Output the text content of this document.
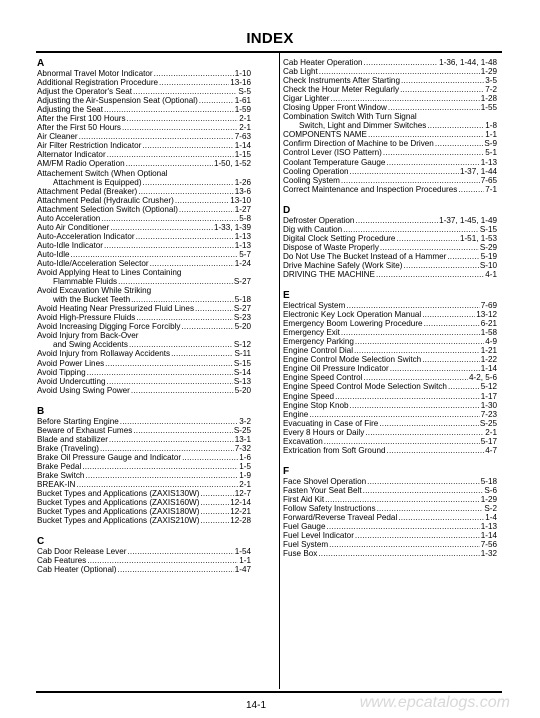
INDEX
A
Abnormal Travel Motor Indicator .....	1-10
Additional Registration Procedure .....	13-16
Adjust the Operator's Seat .....	S-5
Adjusting the Air-Suspension Seat (Optional) .....	1-61
Adjusting the Seat .....	1-59
After the First 100 Hours .....	2-1
After the First 50 Hours .....	2-1
Air Cleaner .....	7-63
Air Filter Restriction Indicator .....	1-14
Alternator Indicator .....	1-15
AM/FM Radio Operation .....	1-50, 1-52
Attachement Switch (When Optional
Attachment is Equipped) .....	1-26
Attachment Pedal (Breaker) .....	13-6
Attachment Pedal (Hydraulic Crusher) .....	13-10
Attachment Selection Switch (Optional) .....	1-27
Auto Acceleration .....	5-8
Auto Air Conditioner .....	1-33, 1-39
Auto-Acceleration Indicator .....	1-13
Auto-Idle Indicator .....	1-13
Auto-Idle .....	5-7
Auto-Idle/Acceleration Selector .....	1-24
Avoid Applying Heat to Lines Containing
Flammable Fluids .....	S-27
Avoid Excavation While Striking
with the Bucket Teeth .....	5-18
Avoid Heating Near Pressurized Fluid Lines .....	S-27
Avoid High-Pressure Fluids .....	S-23
Avoid Increasing Digging Force Forcibly .....	5-20
Avoid Injury from Back-Over
and Swing Accidents .....	S-12
Avoid Injury from Rollaway Accidents .....	S-11
Avoid Power Lines .....	S-15
Avoid Tipping .....	S-14
Avoid Undercutting .....	S-13
Avoid Using Swing Power .....	5-20
B
Before Starting Engine .....	3-2
Beware of Exhaust Fumes .....	S-25
Blade and stabilizer .....	13-1
Brake (Traveling) .....	7-32
Brake Oil Pressure Gauge and Indicator .....	1-6
Brake Pedal .....	1-5
Brake Switch .....	1-9
BREAK-IN .....	2-1
Bucket Types and Applications (ZAXIS130W) .....	12-7
Bucket Types and Applications (ZAXIS160W) .....	12-14
Bucket Types and Applications (ZAXIS180W) .....	12-21
Bucket Types and Applications (ZAXIS210W) .....	12-28
C
Cab Door Release Lever .....	1-54
Cab Features .....	1-1
Cab Heater (Optional) .....	1-47
Cab Heater Operation .....	1-36, 1-44, 1-48
Cab Light .....	1-29
Check Instruments After Starting .....	3-5
Check the Hour Meter Regularly .....	7-2
Cigar Lighter .....	1-28
Closing Upper Front Window .....	1-55
Combination Switch With Turn Signal
Switch, Light and Dimmer Switches .....	1-8
COMPONENTS NAME .....	1-1
Confirm Direction of Machine to be Driven .....	S-9
Control Lever (ISO Pattern) .....	5-1
Coolant Temperature Gauge .....	1-13
Cooling Operation .....	1-37, 1-44
Cooling System .....	7-65
Correct Maintenance and Inspection Procedures .....	7-1
D
Defroster Operation .....	1-37, 1-45, 1-49
Dig with Caution .....	S-15
Digital Clock Setting Procedure .....	1-51, 1-53
Dispose of Waste Properly .....	S-29
Do Not Use The Bucket Instead of a Hammer .....	5-19
Drive Machine Safely (Work Site) .....	S-10
DRIVING THE MACHINE .....	4-1
E
Electrical System .....	7-69
Electronic Key Lock Operation Manual .....	13-12
Emergency Boom Lowering Procedure .....	6-21
Emergency Exit .....	1-58
Emergency Parking .....	4-9
Engine Control Dial .....	1-21
Engine Control Mode Selection Switch .....	1-22
Engine Oil Pressure Indicator .....	1-14
Engine Speed Control .....	4-2, 5-6
Engine Speed Control Mode Selection Switch .....	5-12
Engine Speed .....	1-17
Engine Stop Knob .....	1-30
Engine .....	7-23
Evacuating in Case of Fire .....	S-25
Every 8 Hours or Daily .....	2-1
Excavation .....	5-17
Extrication from Soft Ground .....	4-7
F
Face Shovel Operation .....	5-18
Fasten Your Seat Belt .....	S-6
First Aid Kit .....	1-29
Follow Safety Instructions .....	S-2
Forward/Reverse Traveal Pedal .....	1-4
Fuel Gauge .....	1-13
Fuel Level Indicator .....	1-14
Fuel System .....	7-56
Fuse Box .....	1-32
14-1	www.epcatalogs.com
